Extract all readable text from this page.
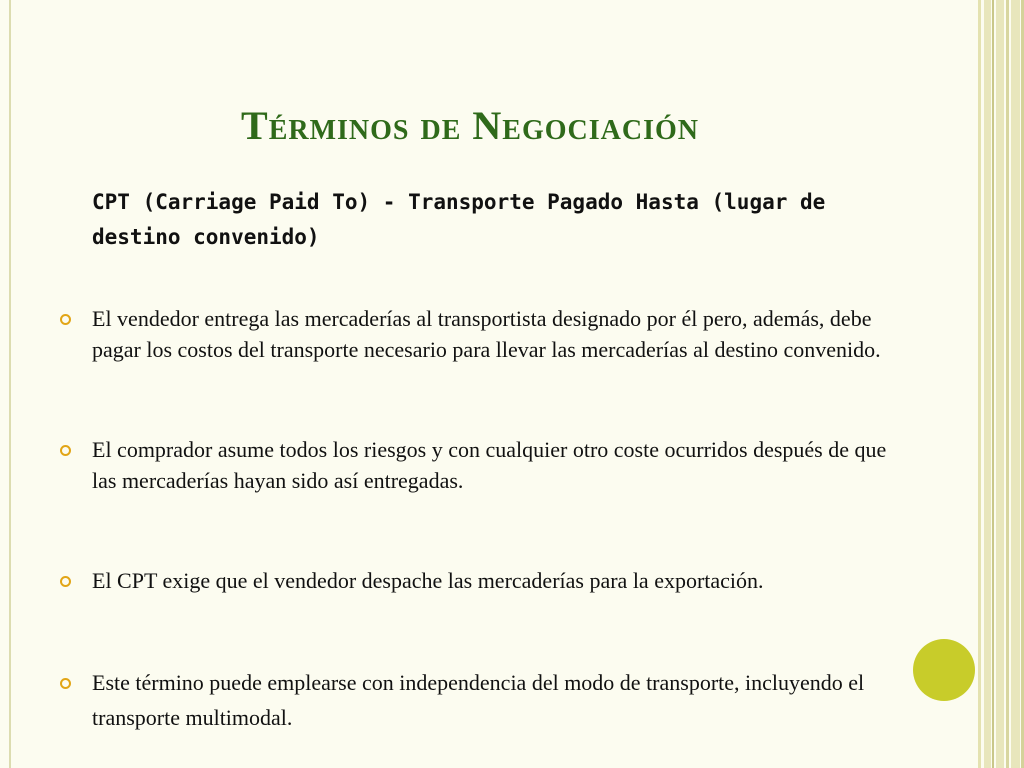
Términos de Negociación

CPT (Carriage Paid To) - Transporte Pagado Hasta (lugar de destino convenido)

El vendedor entrega las mercaderías al transportista designado por él pero, además, debe pagar los costos del transporte necesario para llevar las mercaderías al destino convenido.
El comprador asume todos los riesgos y con cualquier otro coste ocurridos después de que las mercaderías hayan sido así entregadas.
El CPT exige que el vendedor despache las mercaderías para la exportación.
Este término puede emplearse con independencia del modo de transporte, incluyendo el transporte multimodal.
